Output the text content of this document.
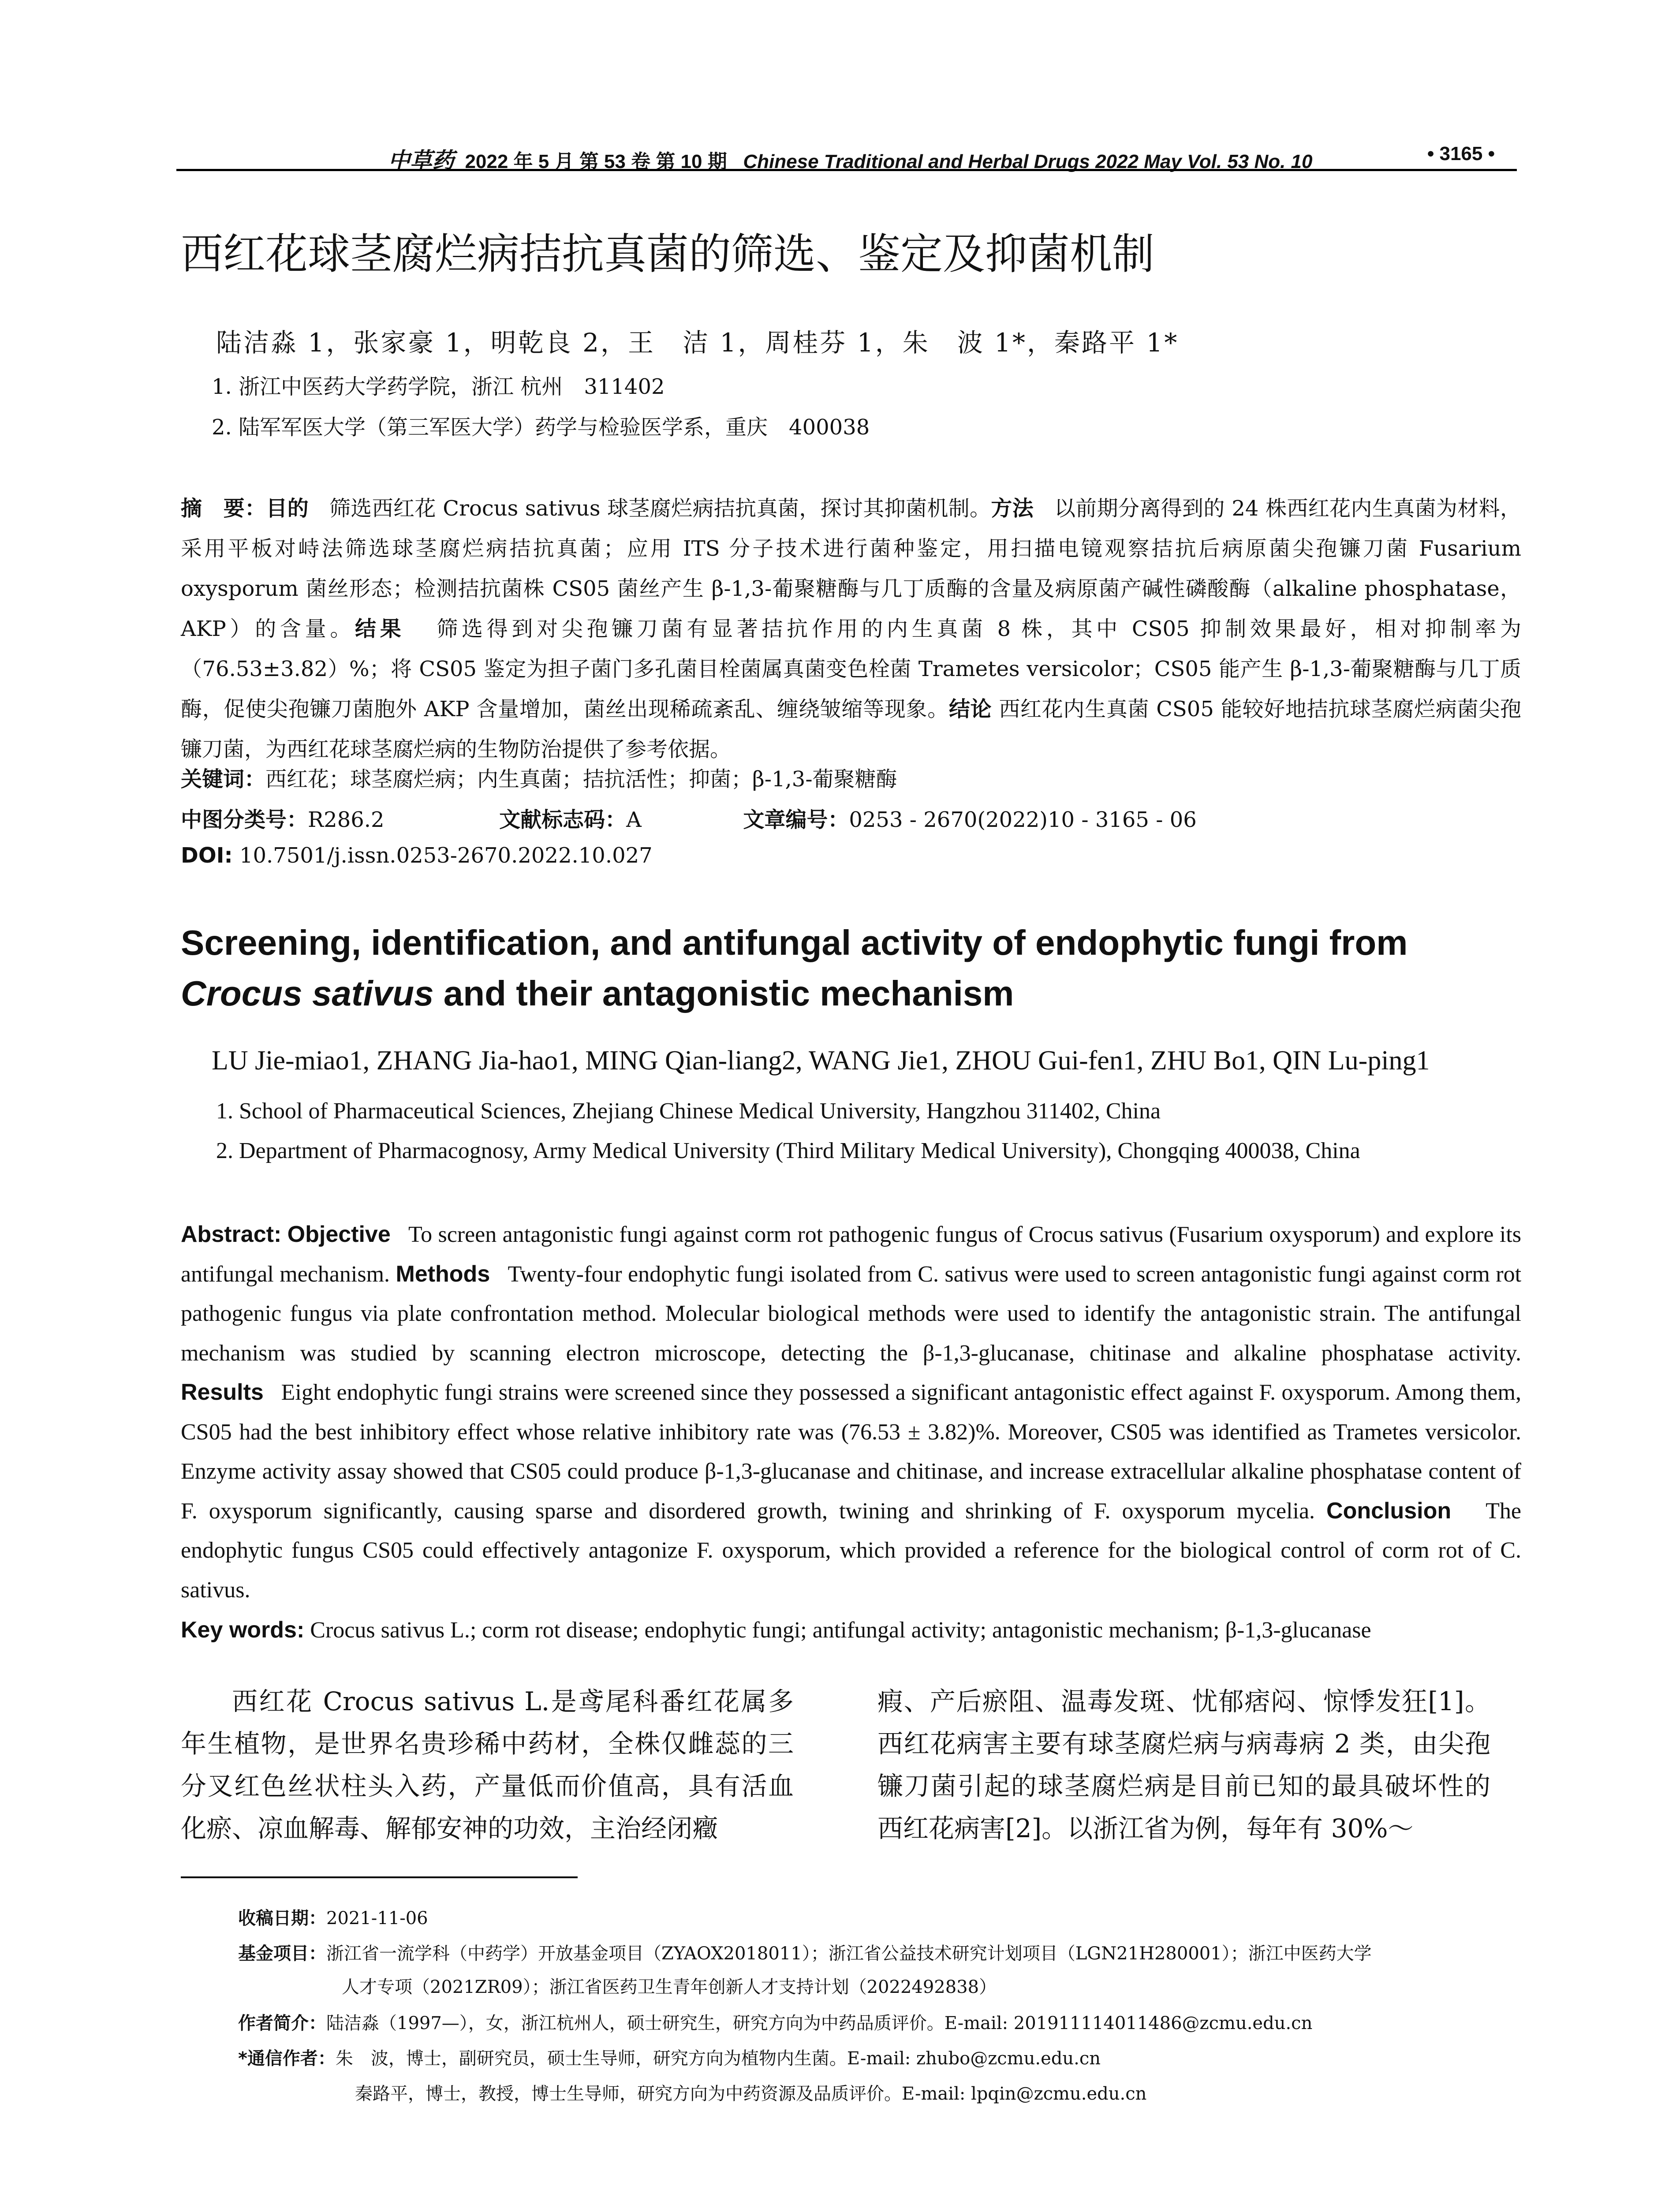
中草药 2022 年 5 月 第 53 卷 第 10 期 Chinese Traditional and Herbal Drugs 2022 May Vol. 53 No. 10	• 3165 •
西红花球茎腐烂病拮抗真菌的筛选、鉴定及抑菌机制
陆洁淼 1，张家豪 1，明乾良 2，王　洁 1，周桂芬 1，朱　波 1*，秦路平 1*
1. 浙江中医药大学药学院，浙江 杭州　311402
2. 陆军军医大学（第三军医大学）药学与检验医学系，重庆　400038
摘　要：目的 筛选西红花 Crocus sativus 球茎腐烂病拮抗真菌，探讨其抑菌机制。方法 以前期分离得到的 24 株西红花内生真菌为材料，采用平板对峙法筛选球茎腐烂病拮抗真菌；应用 ITS 分子技术进行菌种鉴定，用扫描电镜观察拮抗后病原菌尖孢镰刀菌 Fusarium oxysporum 菌丝形态；检测拮抗菌株 CS05 菌丝产生 β-1,3-葡聚糖酶与几丁质酶的含量及病原菌产碱性磷酸酶（alkaline phosphatase，AKP）的含量。结果 筛选得到对尖孢镰刀菌有显著拮抗作用的内生真菌 8 株，其中 CS05 抑制效果最好，相对抑制率为（76.53±3.82）%；将 CS05 鉴定为担子菌门多孔菌目栓菌属真菌变色栓菌 Trametes versicolor；CS05 能产生 β-1,3-葡聚糖酶与几丁质酶，促使尖孢镰刀菌胞外 AKP 含量增加，菌丝出现稀疏紊乱、缠绕皱缩等现象。结论 西红花内生真菌 CS05 能较好地拮抗球茎腐烂病菌尖孢镰刀菌，为西红花球茎腐烂病的生物防治提供了参考依据。
关键词：西红花；球茎腐烂病；内生真菌；拮抗活性；抑菌；β-1,3-葡聚糖酶
中图分类号：R286.2	文献标志码：A	文章编号：0253 - 2670(2022)10 - 3165 - 06
DOI: 10.7501/j.issn.0253-2670.2022.10.027
Screening, identification, and antifungal activity of endophytic fungi from Crocus sativus and their antagonistic mechanism
LU Jie-miao1, ZHANG Jia-hao1, MING Qian-liang2, WANG Jie1, ZHOU Gui-fen1, ZHU Bo1, QIN Lu-ping1
1. School of Pharmaceutical Sciences, Zhejiang Chinese Medical University, Hangzhou 311402, China
2. Department of Pharmacognosy, Army Medical University (Third Military Medical University), Chongqing 400038, China
Abstract: Objective To screen antagonistic fungi against corm rot pathogenic fungus of Crocus sativus (Fusarium oxysporum) and explore its antifungal mechanism. Methods Twenty-four endophytic fungi isolated from C. sativus were used to screen antagonistic fungi against corm rot pathogenic fungus via plate confrontation method. Molecular biological methods were used to identify the antagonistic strain. The antifungal mechanism was studied by scanning electron microscope, detecting the β-1,3-glucanase, chitinase and alkaline phosphatase activity. Results Eight endophytic fungi strains were screened since they possessed a significant antagonistic effect against F. oxysporum. Among them, CS05 had the best inhibitory effect whose relative inhibitory rate was (76.53 ± 3.82)%. Moreover, CS05 was identified as Trametes versicolor. Enzyme activity assay showed that CS05 could produce β-1,3-glucanase and chitinase, and increase extracellular alkaline phosphatase content of F. oxysporum significantly, causing sparse and disordered growth, twining and shrinking of F. oxysporum mycelia. Conclusion The endophytic fungus CS05 could effectively antagonize F. oxysporum, which provided a reference for the biological control of corm rot of C. sativus.
Key words: Crocus sativus L.; corm rot disease; endophytic fungi; antifungal activity; antagonistic mechanism; β-1,3-glucanase
西红花 Crocus sativus L.是鸢尾科番红花属多年生植物，是世界名贵珍稀中药材，全株仅雌蕊的三分叉红色丝状柱头入药，产量低而价值高，具有活血化瘀、凉血解毒、解郁安神的功效，主治经闭癥
瘕、产后瘀阻、温毒发斑、忧郁痞闷、惊悸发狂[1]。西红花病害主要有球茎腐烂病与病毒病 2 类，由尖孢镰刀菌引起的球茎腐烂病是目前已知的最具破坏性的西红花病害[2]。以浙江省为例，每年有 30%～
收稿日期：2021-11-06
基金项目：浙江省一流学科（中药学）开放基金项目（ZYAOX2018011）；浙江省公益技术研究计划项目（LGN21H280001）；浙江中医药大学
人才专项（2021ZR09）；浙江省医药卫生青年创新人才支持计划（2022492838）
作者简介：陆洁淼（1997—），女，浙江杭州人，硕士研究生，研究方向为中药品质评价。E-mail: 201911114011486@zcmu.edu.cn
*通信作者：朱　波，博士，副研究员，硕士生导师，研究方向为植物内生菌。E-mail: zhubo@zcmu.edu.cn
秦路平，博士，教授，博士生导师，研究方向为中药资源及品质评价。E-mail: lpqin@zcmu.edu.cn
